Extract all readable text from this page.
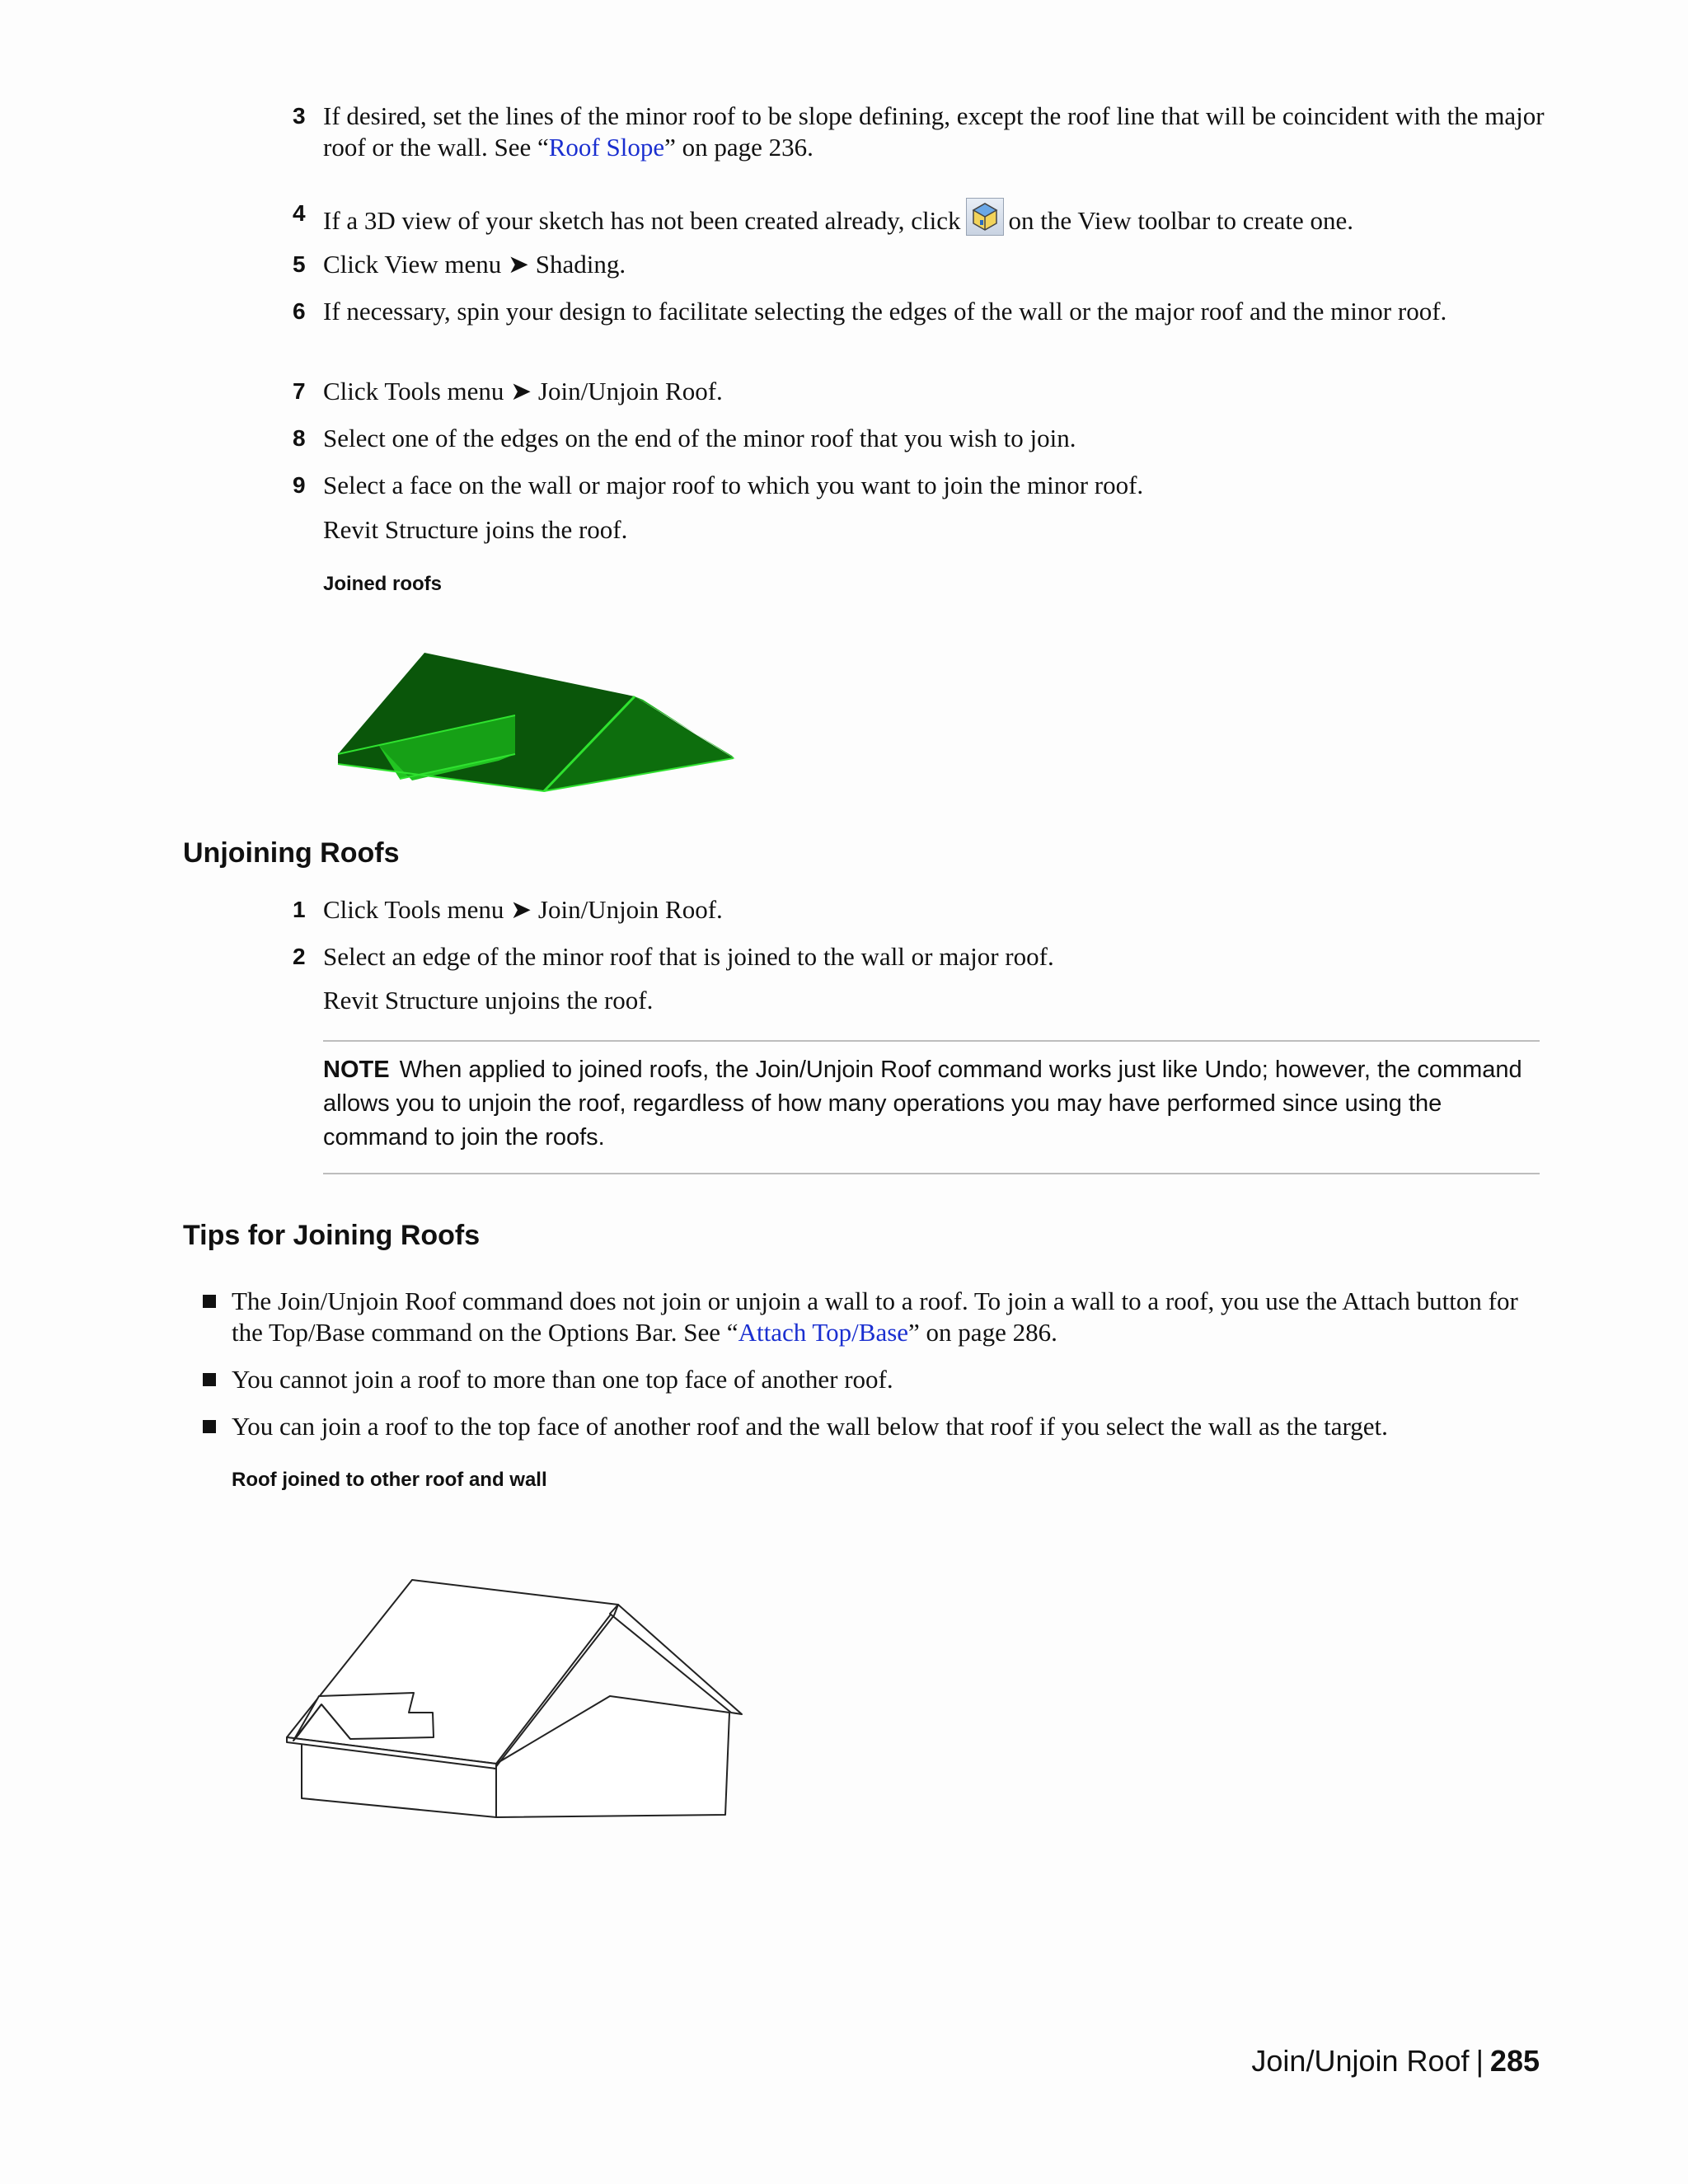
3 If desired, set the lines of the minor roof to be slope defining, except the roof line that will be coincident with the major roof or the wall. See “Roof Slope” on page 236.
4 If a 3D view of your sketch has not been created already, click on the View toolbar to create one.
5 Click View menu ➤ Shading.
6 If necessary, spin your design to facilitate selecting the edges of the wall or the major roof and the minor roof.
7 Click Tools menu ➤ Join/Unjoin Roof.
8 Select one of the edges on the end of the minor roof that you wish to join.
9 Select a face on the wall or major roof to which you want to join the minor roof.
Revit Structure joins the roof.
Joined roofs
Unjoining Roofs
1 Click Tools menu ➤ Join/Unjoin Roof.
2 Select an edge of the minor roof that is joined to the wall or major roof.
Revit Structure unjoins the roof.
NOTE When applied to joined roofs, the Join/Unjoin Roof command works just like Undo; however, the command allows you to unjoin the roof, regardless of how many operations you may have performed since using the command to join the roofs.
Tips for Joining Roofs
The Join/Unjoin Roof command does not join or unjoin a wall to a roof. To join a wall to a roof, you use the Attach button for the Top/Base command on the Options Bar. See “Attach Top/Base” on page 286.
You cannot join a roof to more than one top face of another roof.
You can join a roof to the top face of another roof and the wall below that roof if you select the wall as the target.
Roof joined to other roof and wall
Join/Unjoin Roof | 285
